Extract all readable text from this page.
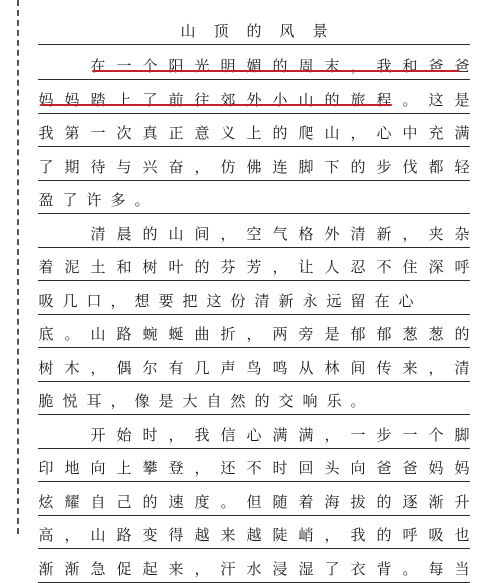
山 顶 的 风 景

在 一 个 阳 光 明 媚 的 周 末 ， 我 和 爸 爸
妈 妈 踏 上 了 前 往 郊 外 小 山 的 旅 程 。 这 是
我 第 一 次 真 正 意 义 上 的 爬 山 ， 心 中 充 满
了 期 待 与 兴 奋 ， 仿 佛 连 脚 下 的 步 伐 都 轻
盈 了 许 多 。

清 晨 的 山 间 ， 空 气 格 外 清 新 ， 夹 杂
着 泥 土 和 树 叶 的 芬 芳 ， 让 人 忍 不 住 深 呼
吸 几 口 ， 想 要 把 这 份 清 新 永 远 留 在 心
底 。 山 路 蜿 蜒 曲 折 ， 两 旁 是 郁 郁 葱 葱 的
树 木 ， 偶 尔 有 几 声 鸟 鸣 从 林 间 传 来 ， 清
脆 悦 耳 ， 像 是 大 自 然 的 交 响 乐 。

开 始 时 ， 我 信 心 满 满 ， 一 步 一 个 脚
印 地 向 上 攀 登 ， 还 不 时 回 头 向 爸 爸 妈 妈
炫 耀 自 己 的 速 度 。 但 随 着 海 拔 的 逐 渐 升
高 ， 山 路 变 得 越 来 越 陡 峭 ， 我 的 呼 吸 也
渐 渐 急 促 起 来 ， 汗 水 浸 湿 了 衣 背 。 每 当
